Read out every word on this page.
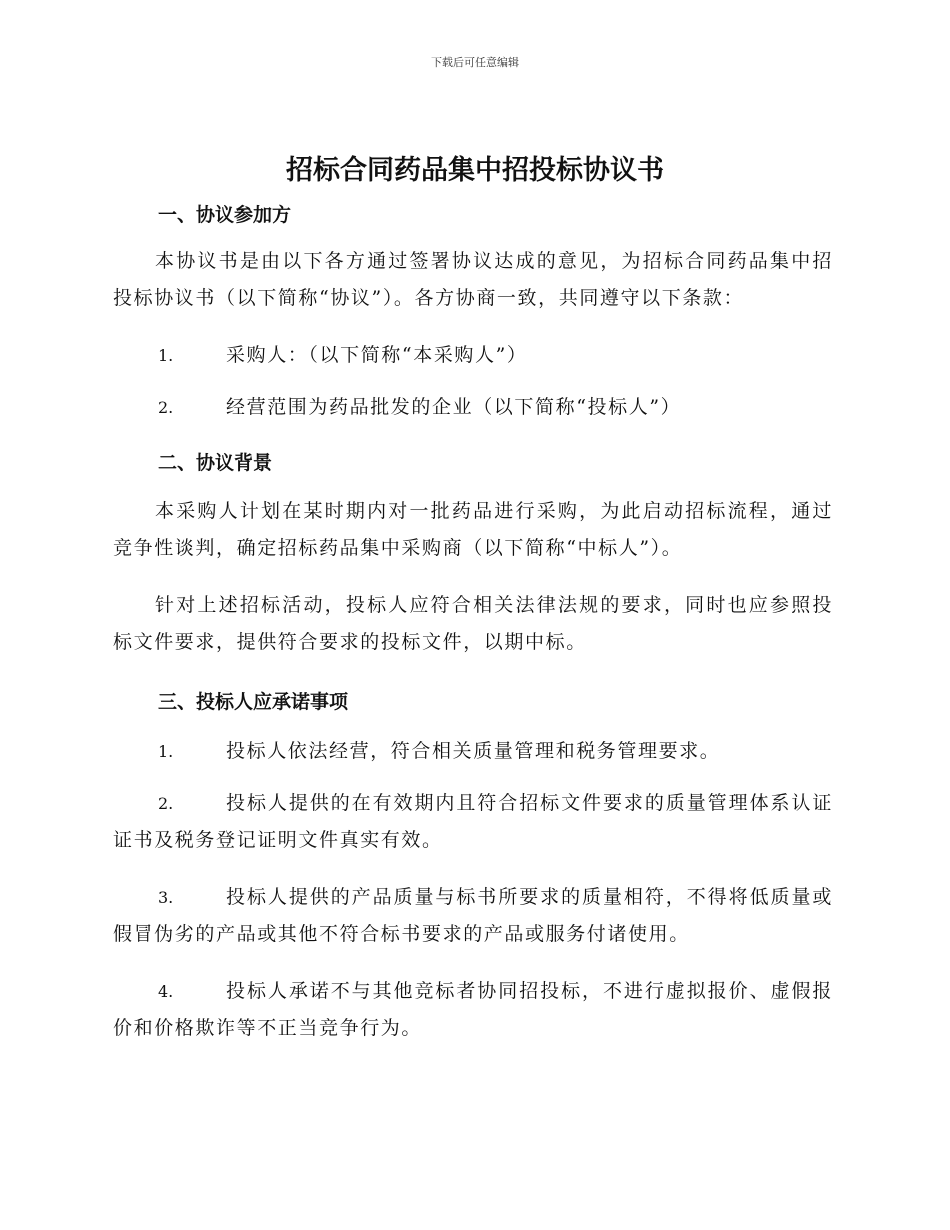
下载后可任意编辑
招标合同药品集中招投标协议书
一、协议参加方
本协议书是由以下各方通过签署协议达成的意见，为招标合同药品集中招投标协议书（以下简称“协议”）。各方协商一致，共同遵守以下条款：
1.	采购人：（以下简称“本采购人”）
2.	经营范围为药品批发的企业（以下简称“投标人”）
二、协议背景
本采购人计划在某时期内对一批药品进行采购，为此启动招标流程，通过竞争性谈判，确定招标药品集中采购商（以下简称“中标人”）。
针对上述招标活动，投标人应符合相关法律法规的要求，同时也应参照投标文件要求，提供符合要求的投标文件，以期中标。
三、投标人应承诺事项
1.	投标人依法经营，符合相关质量管理和税务管理要求。
2.	投标人提供的在有效期内且符合招标文件要求的质量管理体系认证证书及税务登记证明文件真实有效。
3.	投标人提供的产品质量与标书所要求的质量相符，不得将低质量或假冒伪劣的产品或其他不符合标书要求的产品或服务付诸使用。
4.	投标人承诺不与其他竞标者协同招投标，不进行虚拟报价、虚假报价和价格欺诈等不正当竞争行为。
